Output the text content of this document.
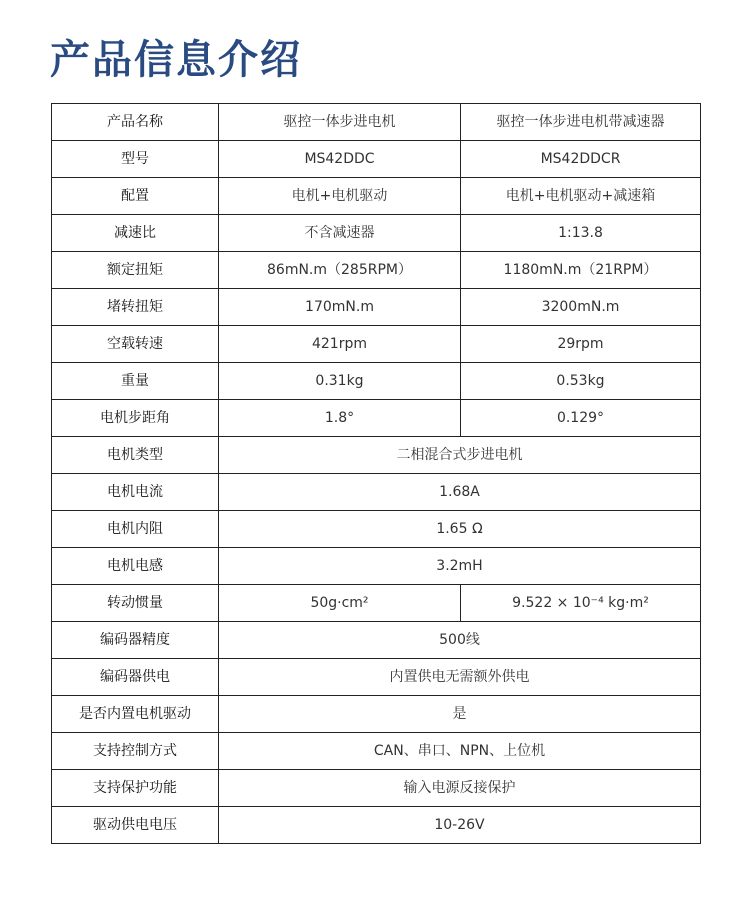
产品信息介绍
产品名称	驱控一体步进电机	驱控一体步进电机带减速器
型号	MS42DDC	MS42DDCR
配置	电机+电机驱动	电机+电机驱动+减速箱
减速比	不含减速器	1:13.8
额定扭矩	86mN.m（285RPM）	1180mN.m（21RPM）
堵转扭矩	170mN.m	3200mN.m
空载转速	421rpm	29rpm
重量	0.31kg	0.53kg
电机步距角	1.8°	0.129°
电机类型	二相混合式步进电机	
电机电流	1.68A	
电机内阻	1.65 Ω	
电机电感	3.2mH	
转动惯量	50g·cm²	9.522 × 10⁻⁴ kg·m²
编码器精度	500线	
编码器供电	内置供电无需额外供电	
是否内置电机驱动	是	
支持控制方式	CAN、串口、NPN、上位机	
支持保护功能	输入电源反接保护	
驱动供电电压	10-26V	
